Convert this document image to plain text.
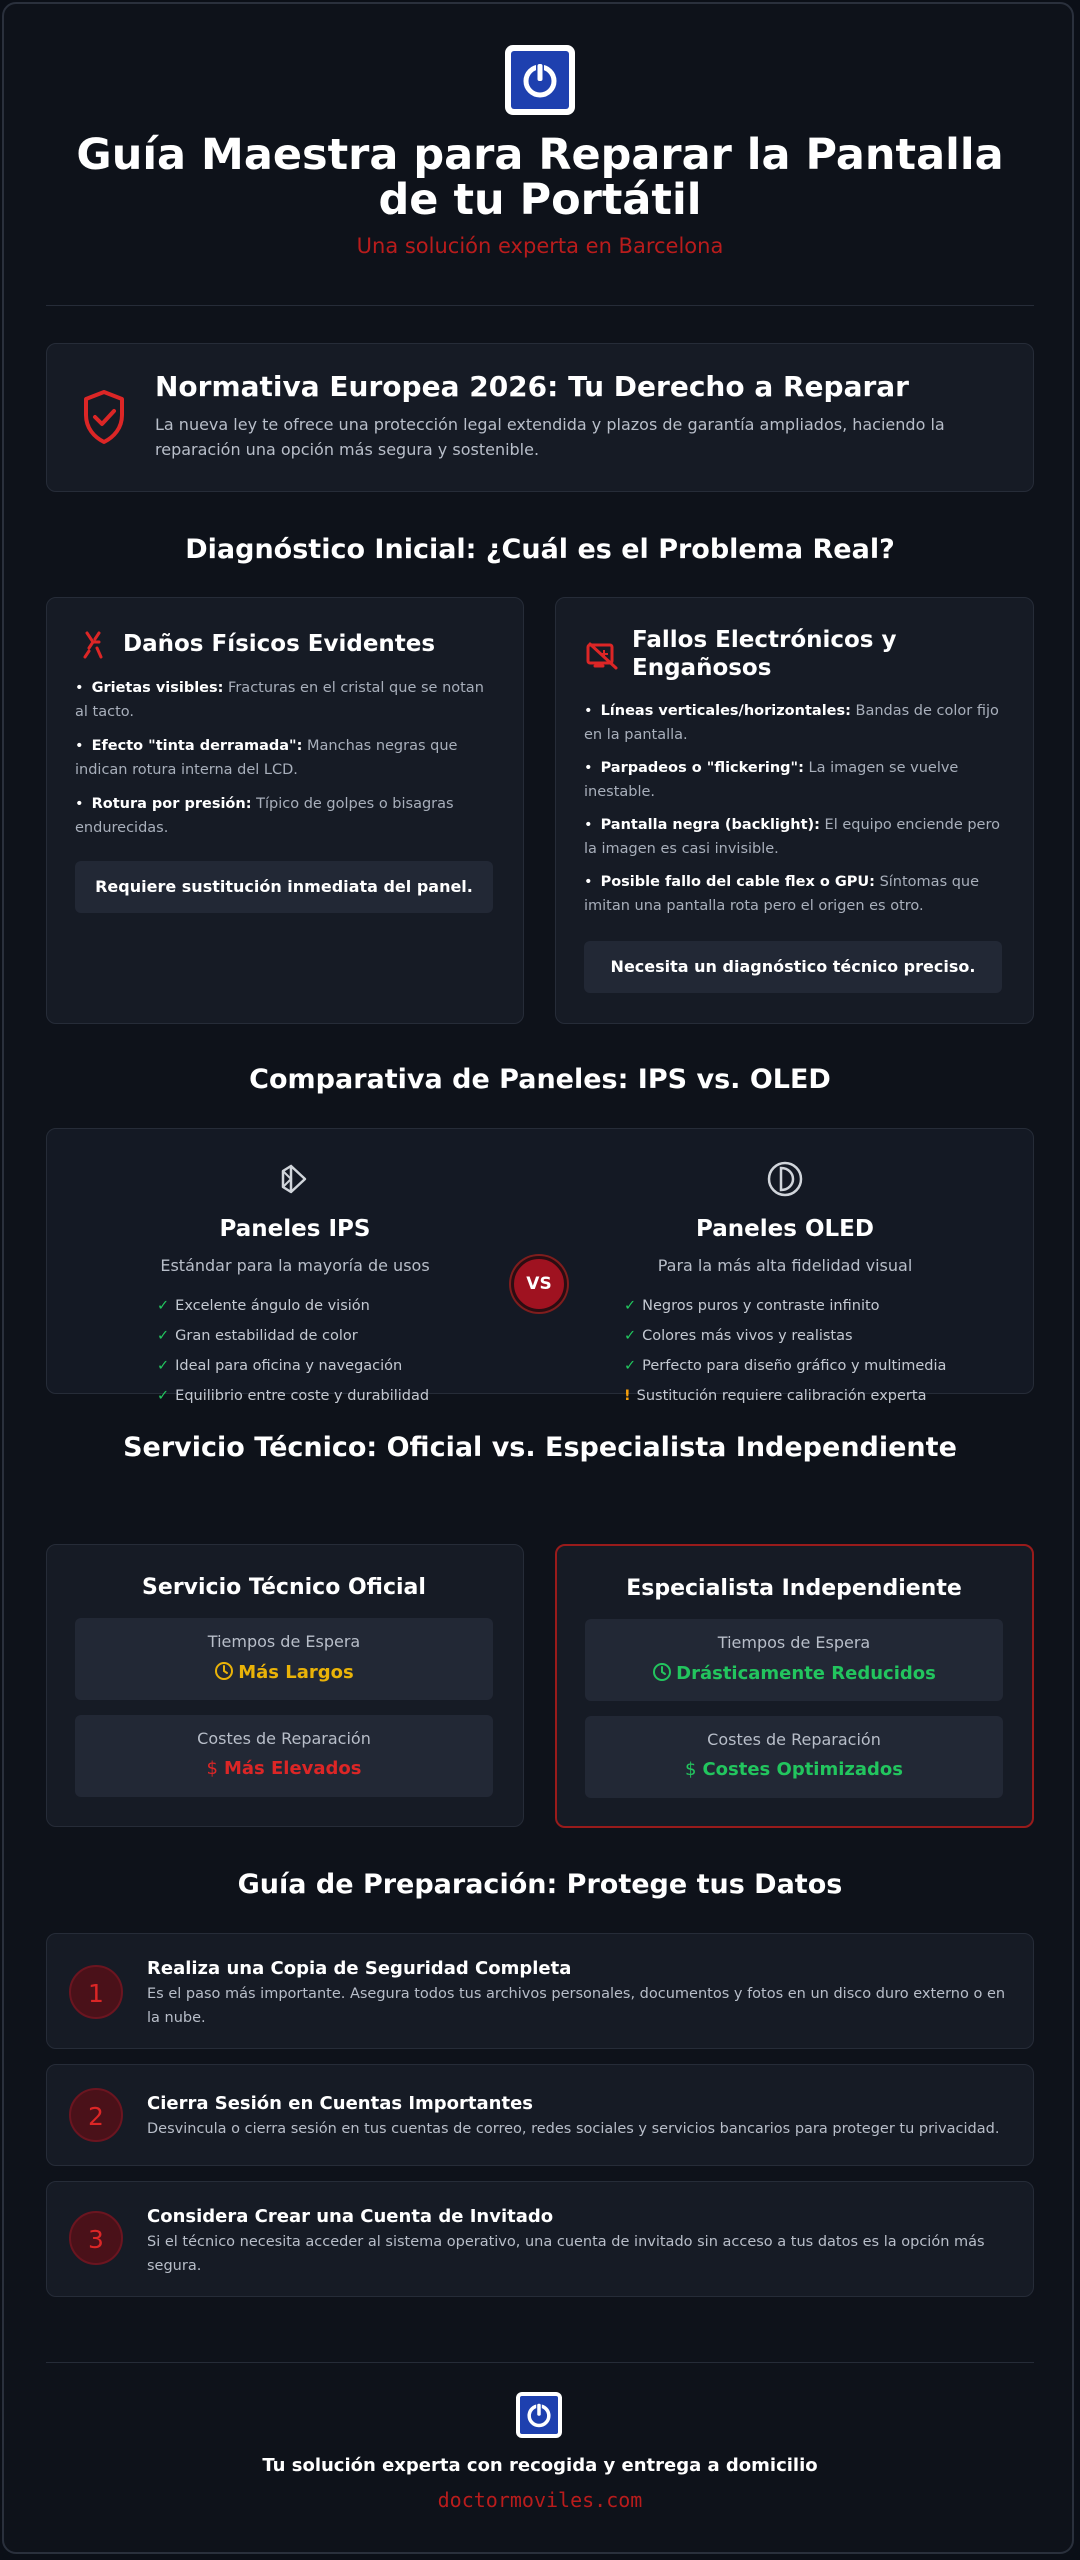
Guía Maestra para Reparar la Pantalla
de tu Portátil
Una solución experta en Barcelona
Normativa Europea 2026: Tu Derecho a Reparar
La nueva ley te ofrece una protección legal extendida y plazos de garantía ampliados, haciendo la reparación una opción más segura y sostenible.
Diagnóstico Inicial: ¿Cuál es el Problema Real?
Daños Físicos Evidentes
• Grietas visibles: Fracturas en el cristal que se notan al tacto.
• Efecto "tinta derramada": Manchas negras que indican rotura interna del LCD.
• Rotura por presión: Típico de golpes o bisagras endurecidas.
Requiere sustitución inmediata del panel.
Fallos Electrónicos y
Engañosos
• Líneas verticales/horizontales: Bandas de color fijo en la pantalla.
• Parpadeos o "flickering": La imagen se vuelve inestable.
• Pantalla negra (backlight): El equipo enciende pero la imagen es casi invisible.
• Posible fallo del cable flex o GPU: Síntomas que imitan una pantalla rota pero el origen es otro.
Necesita un diagnóstico técnico preciso.
Comparativa de Paneles: IPS vs. OLED
Paneles IPS
Estándar para la mayoría de usos
✓ Excelente ángulo de visión
✓ Gran estabilidad de color
✓ Ideal para oficina y navegación
✓ Equilibrio entre coste y durabilidad
VS
Paneles OLED
Para la más alta fidelidad visual
✓ Negros puros y contraste infinito
✓ Colores más vivos y realistas
✓ Perfecto para diseño gráfico y multimedia
! Sustitución requiere calibración experta
Servicio Técnico: Oficial vs. Especialista Independiente
Servicio Técnico Oficial
Tiempos de Espera
Más Largos
Costes de Reparación
$ Más Elevados
Especialista Independiente
Tiempos de Espera
Drásticamente Reducidos
Costes de Reparación
$ Costes Optimizados
Guía de Preparación: Protege tus Datos
1
Realiza una Copia de Seguridad Completa
Es el paso más importante. Asegura todos tus archivos personales, documentos y fotos en un disco duro externo o en la nube.
2	Cierra Sesión en Cuentas Importantes
Desvincula o cierra sesión en tus cuentas de correo, redes sociales y servicios bancarios para proteger tu privacidad.
3
Considera Crear una Cuenta de Invitado
Si el técnico necesita acceder al sistema operativo, una cuenta de invitado sin acceso a tus datos es la opción más segura.
Tu solución experta con recogida y entrega a domicilio
doctormoviles.com
